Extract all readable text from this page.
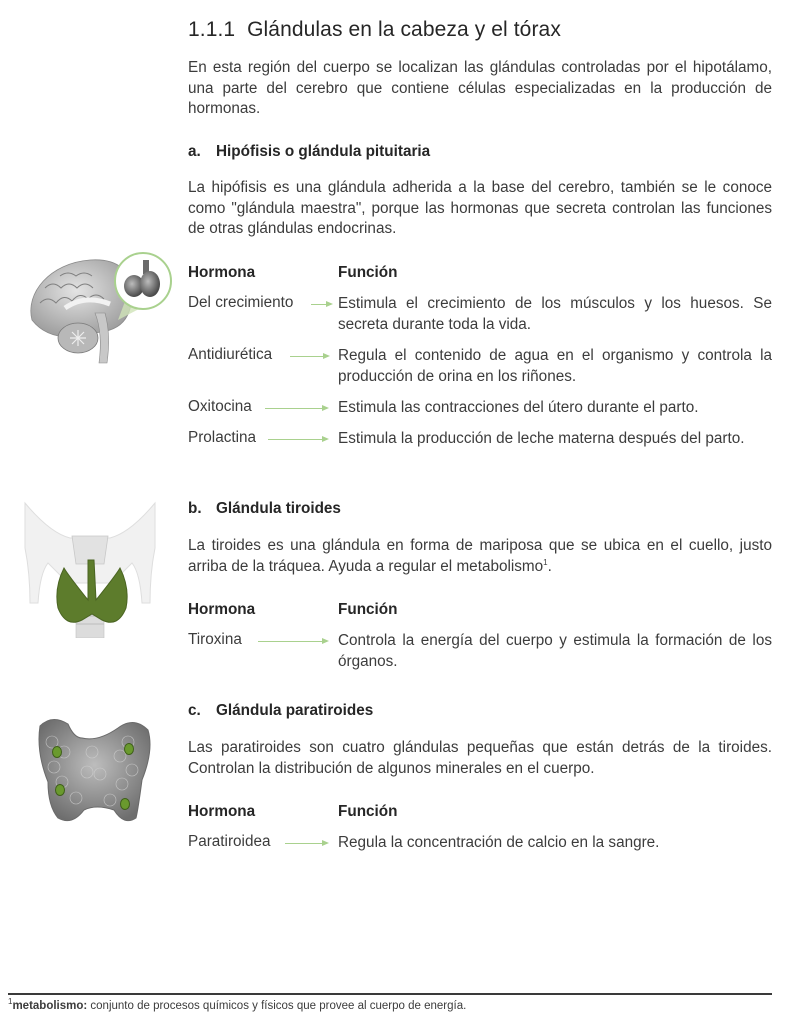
1.1.1 Glándulas en la cabeza y el tórax
En esta región del cuerpo se localizan las glándulas controladas por el hipotálamo, una parte del cerebro que contiene células especializadas en la producción de hormonas.
a. Hipófisis o glándula pituitaria
La hipófisis es una glándula adherida a la base del cerebro, también se le conoce como "glándula maestra", porque las hormonas que secreta controlan las funciones de otras glándulas endocrinas.
Hormona	Función
Del crecimiento	Estimula el crecimiento de los músculos y los huesos. Se secreta durante toda la vida.
Antidiurética	Regula el contenido de agua en el organismo y controla la producción de orina en los riñones.
Oxitocina	Estimula las contracciones del útero durante el parto.
Prolactina	Estimula la producción de leche materna después del parto.
b. Glándula tiroides
La tiroides es una glándula en forma de mariposa que se ubica en el cuello, justo arriba de la tráquea. Ayuda a regular el metabolismo$^1$.
Hormona	Función
Tiroxina	Controla la energía del cuerpo y estimula la formación de los órganos.
c. Glándula paratiroides
Las paratiroides son cuatro glándulas pequeñas que están detrás de la tiroides. Controlan la distribución de algunos minerales en el cuerpo.
Hormona	Función
Paratiroidea	Regula la concentración de calcio en la sangre.
$^1$metabolismo: conjunto de procesos químicos y físicos que provee al cuerpo de energía.
